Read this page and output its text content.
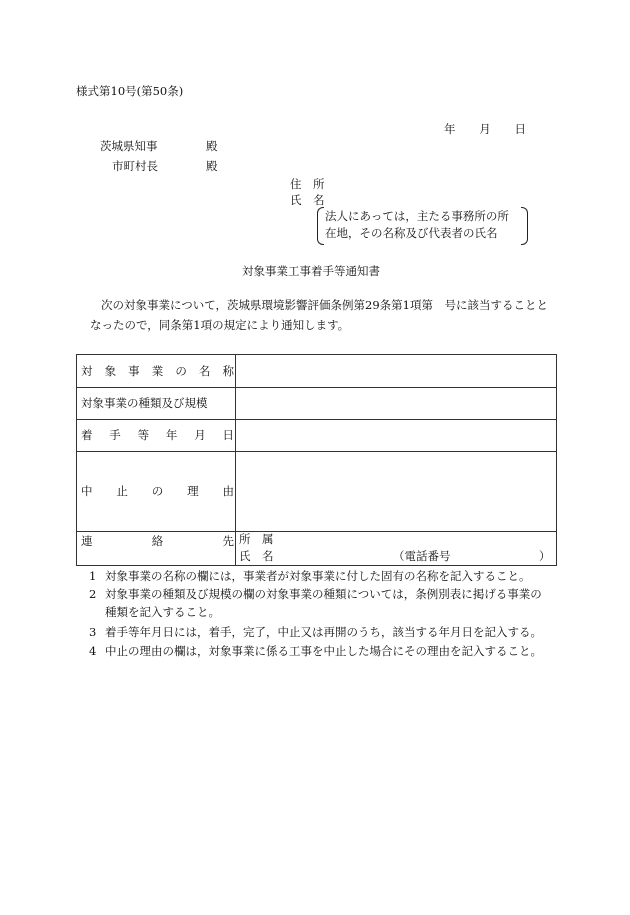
様式第10号(第50条)
年 月 日
茨城県知事	殿
市町村長	殿
住　所
氏　名
法人にあっては，主たる事務所の所
在地，その名称及び代表者の氏名
対象事業工事着手等通知書
次の対象事業について，茨城県環境影響評価条例第29条第1項第　号に該当することと
なったので，同条第1項の規定により通知します。
対 象 事 業 の 名 称
対象事業の種類及び規模
着 手 等 年 月 日
中 止 の 理 由
連	絡	先 所　属
氏　名	（電話番号	）
1 対象事業の名称の欄には，事業者が対象事業に付した固有の名称を記入すること。
2 対象事業の種類及び規模の欄の対象事業の種類については，条例別表に掲げる事業の
種類を記入すること。
3 着手等年月日には，着手，完了，中止又は再開のうち，該当する年月日を記入する。
4 中止の理由の欄は，対象事業に係る工事を中止した場合にその理由を記入すること。
